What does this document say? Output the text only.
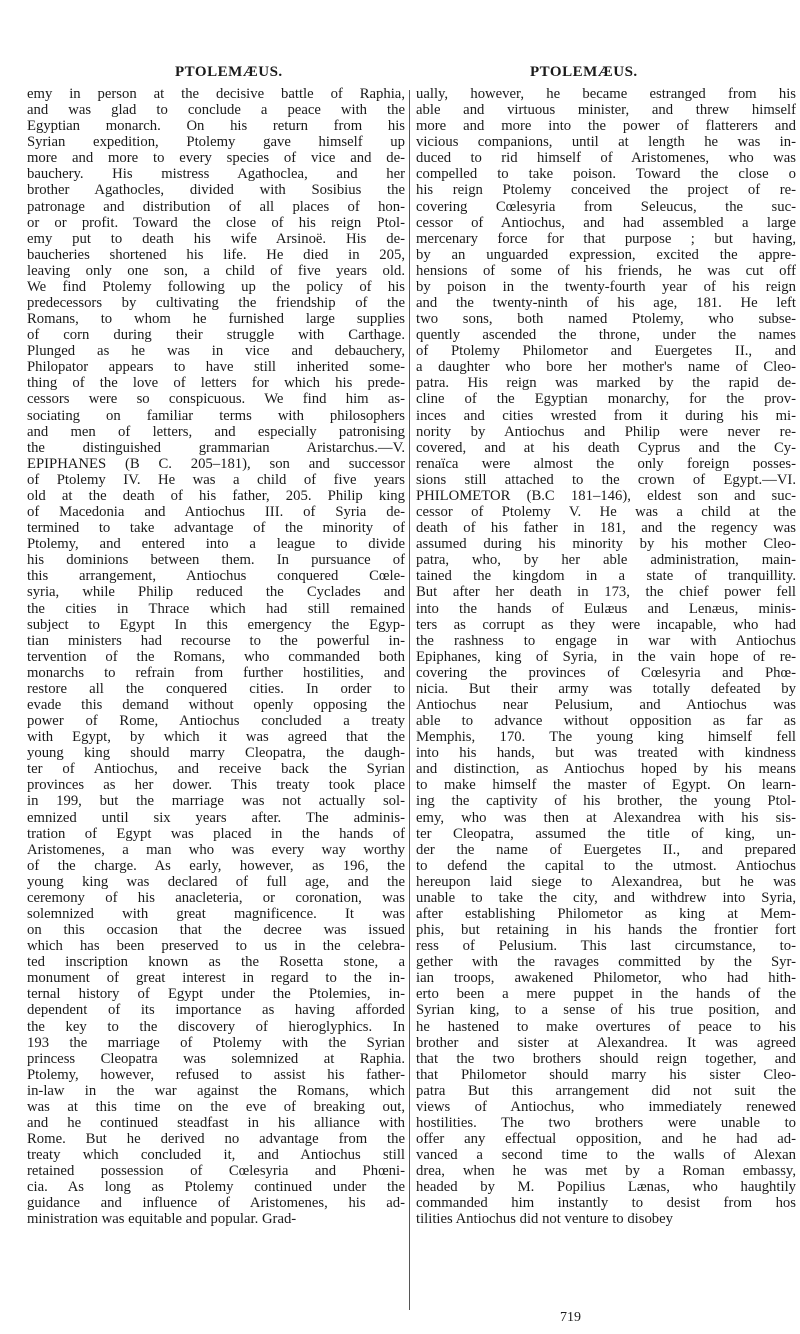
PTOLEMÆUS.	PTOLEMÆUS.
emy in person at the decisive battle of Raphia,
and was glad to conclude a peace with the
Egyptian monarch. On his return from his
Syrian expedition, Ptolemy gave himself up
more and more to every species of vice and de-
bauchery. His mistress Agathoclea, and her
brother Agathocles, divided with Sosibius the
patronage and distribution of all places of hon-
or or profit. Toward the close of his reign Ptol-
emy put to death his wife Arsinoë. His de-
baucheries shortened his life. He died in 205,
leaving only one son, a child of five years old.
We find Ptolemy following up the policy of his
predecessors by cultivating the friendship of the
Romans, to whom he furnished large supplies
of corn during their struggle with Carthage.
Plunged as he was in vice and debauchery,
Philopator appears to have still inherited some-
thing of the love of letters for which his prede-
cessors were so conspicuous. We find him as-
sociating on familiar terms with philosophers
and men of letters, and especially patronising
the distinguished grammarian Aristarchus.—V.
EPIPHANES (B C. 205–181), son and successor
of Ptolemy IV. He was a child of five years
old at the death of his father, 205. Philip king
of Macedonia and Antiochus III. of Syria de-
termined to take advantage of the minority of
Ptolemy, and entered into a league to divide
his dominions between them. In pursuance of
this arrangement, Antiochus conquered Cœle-
syria, while Philip reduced the Cyclades and
the cities in Thrace which had still remained
subject to Egypt In this emergency the Egyp-
tian ministers had recourse to the powerful in-
tervention of the Romans, who commanded both
monarchs to refrain from further hostilities, and
restore all the conquered cities. In order to
evade this demand without openly opposing the
power of Rome, Antiochus concluded a treaty
with Egypt, by which it was agreed that the
young king should marry Cleopatra, the daugh-
ter of Antiochus, and receive back the Syrian
provinces as her dower. This treaty took place
in 199, but the marriage was not actually sol-
emnized until six years after. The adminis-
tration of Egypt was placed in the hands of
Aristomenes, a man who was every way worthy
of the charge. As early, however, as 196, the
young king was declared of full age, and the
ceremony of his anacleteria, or coronation, was
solemnized with great magnificence. It was
on this occasion that the decree was issued
which has been preserved to us in the celebra-
ted inscription known as the Rosetta stone, a
monument of great interest in regard to the in-
ternal history of Egypt under the Ptolemies, in-
dependent of its importance as having afforded
the key to the discovery of hieroglyphics. In
193 the marriage of Ptolemy with the Syrian
princess Cleopatra was solemnized at Raphia.
Ptolemy, however, refused to assist his father-
in-law in the war against the Romans, which
was at this time on the eve of breaking out,
and he continued steadfast in his alliance with
Rome. But he derived no advantage from the
treaty which concluded it, and Antiochus still
retained possession of Cœlesyria and Phœni-
cia. As long as Ptolemy continued under the
guidance and influence of Aristomenes, his ad-
ministration was equitable and popular. Grad-
ually, however, he became estranged from his
able and virtuous minister, and threw himself
more and more into the power of flatterers and
vicious companions, until at length he was in-
duced to rid himself of Aristomenes, who was
compelled to take poison. Toward the close o
his reign Ptolemy conceived the project of re-
covering Cœlesyria from Seleucus, the suc-
cessor of Antiochus, and had assembled a large
mercenary force for that purpose ; but having,
by an unguarded expression, excited the appre-
hensions of some of his friends, he was cut off
by poison in the twenty-fourth year of his reign
and the twenty-ninth of his age, 181. He left
two sons, both named Ptolemy, who subse-
quently ascended the throne, under the names
of Ptolemy Philometor and Euergetes II., and
a daughter who bore her mother's name of Cleo-
patra. His reign was marked by the rapid de-
cline of the Egyptian monarchy, for the prov-
inces and cities wrested from it during his mi-
nority by Antiochus and Philip were never re-
covered, and at his death Cyprus and the Cy-
renaïca were almost the only foreign posses-
sions still attached to the crown of Egypt.—VI.
PHILOMETOR (B.C 181–146), eldest son and suc-
cessor of Ptolemy V. He was a child at the
death of his father in 181, and the regency was
assumed during his minority by his mother Cleo-
patra, who, by her able administration, main-
tained the kingdom in a state of tranquillity.
But after her death in 173, the chief power fell
into the hands of Eulæus and Lenæus, minis-
ters as corrupt as they were incapable, who had
the rashness to engage in war with Antiochus
Epiphanes, king of Syria, in the vain hope of re-
covering the provinces of Cœlesyria and Phœ-
nicia. But their army was totally defeated by
Antiochus near Pelusium, and Antiochus was
able to advance without opposition as far as
Memphis, 170. The young king himself fell
into his hands, but was treated with kindness
and distinction, as Antiochus hoped by his means
to make himself the master of Egypt. On learn-
ing the captivity of his brother, the young Ptol-
emy, who was then at Alexandrea with his sis-
ter Cleopatra, assumed the title of king, un-
der the name of Euergetes II., and prepared
to defend the capital to the utmost. Antiochus
hereupon laid siege to Alexandrea, but he was
unable to take the city, and withdrew into Syria,
after establishing Philometor as king at Mem-
phis, but retaining in his hands the frontier fort
ress of Pelusium. This last circumstance, to-
gether with the ravages committed by the Syr-
ian troops, awakened Philometor, who had hith-
erto been a mere puppet in the hands of the
Syrian king, to a sense of his true position, and
he hastened to make overtures of peace to his
brother and sister at Alexandrea. It was agreed
that the two brothers should reign together, and
that Philometor should marry his sister Cleo-
patra But this arrangement did not suit the
views of Antiochus, who immediately renewed
hostilities. The two brothers were unable to
offer any effectual opposition, and he had ad-
vanced a second time to the walls of Alexan
drea, when he was met by a Roman embassy,
headed by M. Popilius Lænas, who haughtily
commanded him instantly to desist from hos
tilities Antiochus did not venture to disobey
719
